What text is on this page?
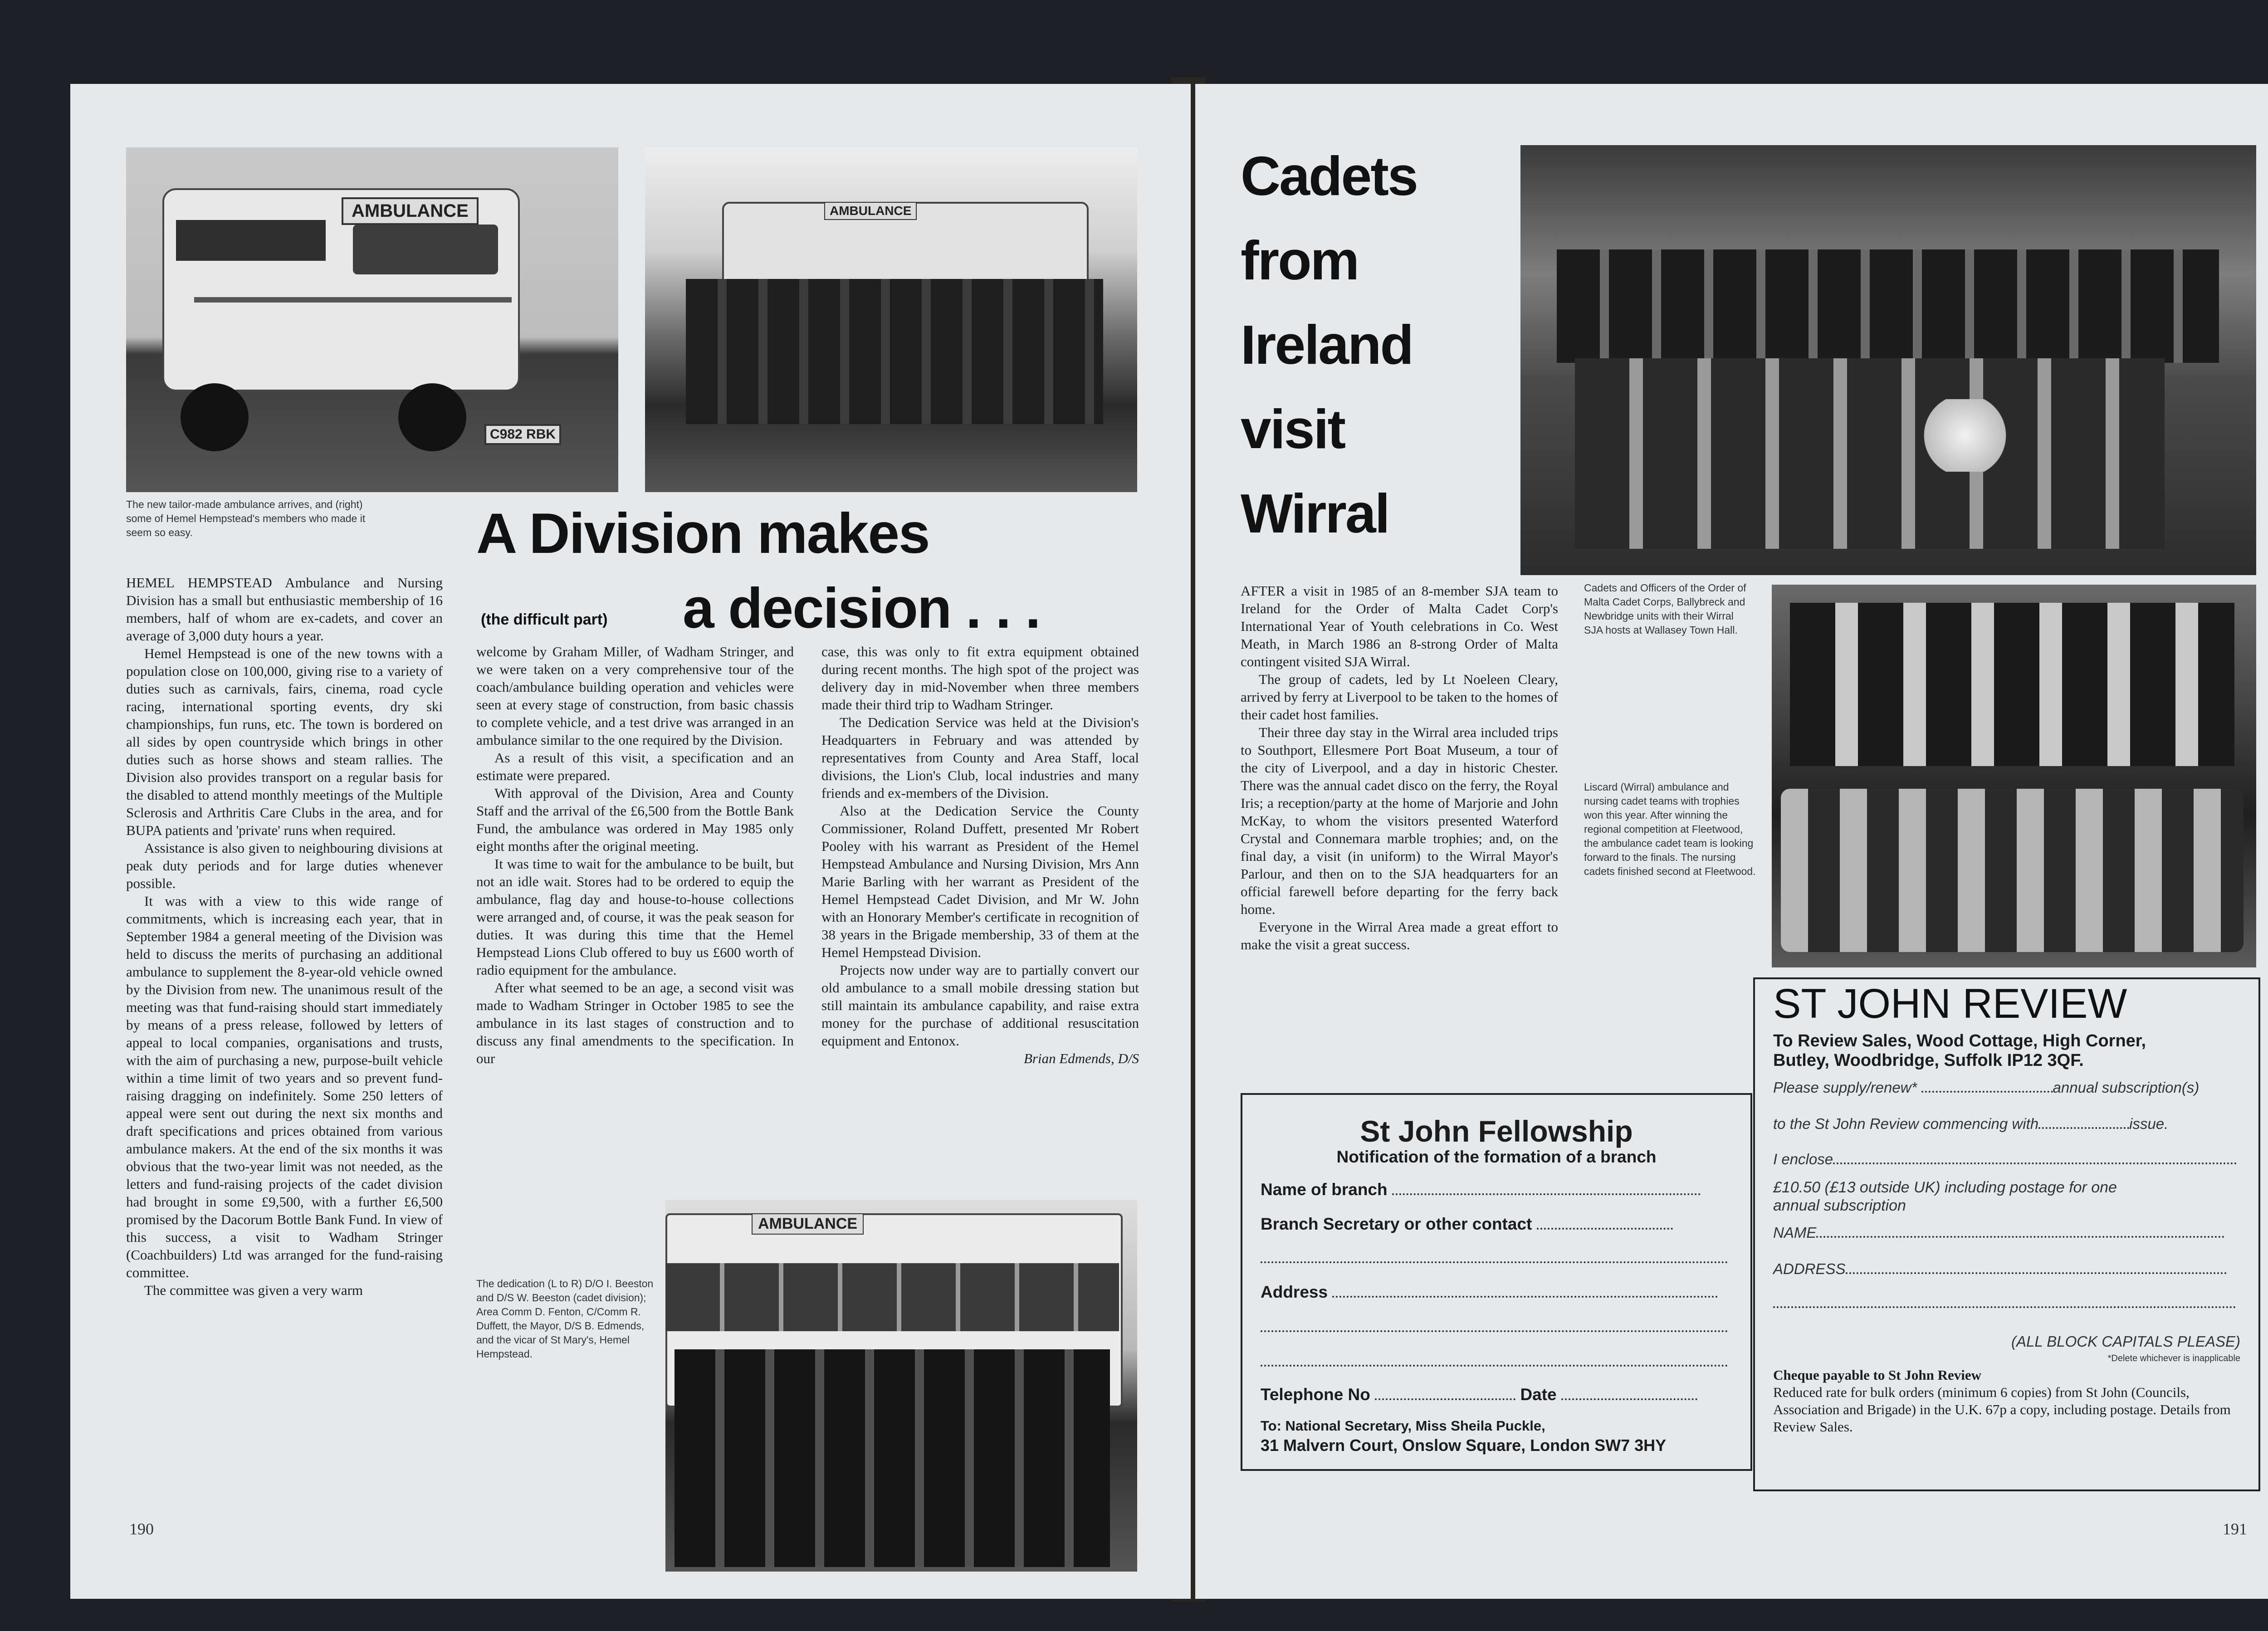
AMBULANCE
C982 RBK
AMBULANCE
The new tailor-made ambulance arrives, and (right) some of Hemel Hempstead's members who made it seem so easy.	A Division makes
(the difficult part) a decision . . .

HEMEL HEMPSTEAD Ambulance and Nursing Division has a small but enthusiastic membership of 16 members, half of whom are ex-cadets, and cover an average of 3,000 duty hours a year.

Hemel Hempstead is one of the new towns with a population close on 100,000, giving rise to a variety of duties such as carnivals, fairs, cinema, road cycle racing, international sporting events, dry ski championships, fun runs, etc. The town is bordered on all sides by open countryside which brings in other duties such as horse shows and steam rallies. The Division also provides transport on a regular basis for the disabled to attend monthly meetings of the Multiple Sclerosis and Arthritis Care Clubs in the area, and for BUPA patients and 'private' runs when required.

Assistance is also given to neighbouring divisions at peak duty periods and for large duties whenever possible.

It was with a view to this wide range of commitments, which is increasing each year, that in September 1984 a general meeting of the Division was held to discuss the merits of purchasing an additional ambulance to supplement the 8-year-old vehicle owned by the Division from new. The unanimous result of the meeting was that fund-raising should start immediately by means of a press release, followed by letters of appeal to local companies, organisations and trusts, with the aim of purchasing a new, purpose-built vehicle within a time limit of two years and so prevent fund-raising dragging on indefinitely. Some 250 letters of appeal were sent out during the next six months and draft specifications and prices obtained from various ambulance makers. At the end of the six months it was obvious that the two-year limit was not needed, as the letters and fund-raising projects of the cadet division had brought in some £9,500, with a further £6,500 promised by the Dacorum Bottle Bank Fund. In view of this success, a visit to Wadham Stringer (Coachbuilders) Ltd was arranged for the fund-raising committee.

The committee was given a very warm

welcome by Graham Miller, of Wadham Stringer, and we were taken on a very comprehensive tour of the coach/ambulance building operation and vehicles were seen at every stage of construction, from basic chassis to complete vehicle, and a test drive was arranged in an ambulance similar to the one required by the Division.

As a result of this visit, a specification and an estimate were prepared.

With approval of the Division, Area and County Staff and the arrival of the £6,500 from the Bottle Bank Fund, the ambulance was ordered in May 1985 only eight months after the original meeting.

It was time to wait for the ambulance to be built, but not an idle wait. Stores had to be ordered to equip the ambulance, flag day and house-to-house collections were arranged and, of course, it was the peak season for duties. It was during this time that the Hemel Hempstead Lions Club offered to buy us £600 worth of radio equipment for the ambulance.

After what seemed to be an age, a second visit was made to Wadham Stringer in October 1985 to see the ambulance in its last stages of construction and to discuss any final amendments to the specification. In our

case, this was only to fit extra equipment obtained during recent months. The high spot of the project was delivery day in mid-November when three members made their third trip to Wadham Stringer.

The Dedication Service was held at the Division's Headquarters in February and was attended by representatives from County and Area Staff, local divisions, the Lion's Club, local industries and many friends and ex-members of the Division.

Also at the Dedication Service the County Commissioner, Roland Duffett, presented Mr Robert Pooley with his warrant as President of the Hemel Hempstead Ambulance and Nursing Division, Mrs Ann Marie Barling with her warrant as President of the Hemel Hempstead Cadet Division, and Mr W. John with an Honorary Member's certificate in recognition of 38 years in the Brigade membership, 33 of them at the Hemel Hempstead Division.

Projects now under way are to partially convert our old ambulance to a small mobile dressing station but still maintain its ambulance capability, and raise extra money for the purchase of additional resuscitation equipment and Entonox.

Brian Edmends, D/S

The dedication (L to R) D/O I. Beeston and D/S W. Beeston (cadet division); Area Comm D. Fenton, C/Comm R. Duffett, the Mayor, D/S B. Edmends, and the vicar of St Mary's, Hemel Hempstead.
AMBULANCE
190
Cadets
from
Ireland
visit
Wirral
Cadets and Officers of the Order of Malta Cadet Corps, Ballybreck and Newbridge units with their Wirral SJA hosts at Wallasey Town Hall.
Liscard (Wirral) ambulance and nursing cadet teams with trophies won this year. After winning the regional competition at Fleetwood, the ambulance cadet team is looking forward to the finals. The nursing cadets finished second at Fleetwood.

AFTER a visit in 1985 of an 8-member SJA team to Ireland for the Order of Malta Cadet Corp's International Year of Youth celebrations in Co. West Meath, in March 1986 an 8-strong Order of Malta contingent visited SJA Wirral.

The group of cadets, led by Lt Noeleen Cleary, arrived by ferry at Liverpool to be taken to the homes of their cadet host families.

Their three day stay in the Wirral area included trips to Southport, Ellesmere Port Boat Museum, a tour of the city of Liverpool, and a day in historic Chester. There was the annual cadet disco on the ferry, the Royal Iris; a reception/party at the home of Marjorie and John McKay, to whom the visitors presented Waterford Crystal and Connemara marble trophies; and, on the final day, a visit (in uniform) to the Wirral Mayor's Parlour, and then on to the SJA headquarters for an official farewell before departing for the ferry back home.

Everyone in the Wirral Area made a great effort to make the visit a great success.

St John Fellowship
Notification of the formation of a branch
Name of branch
Branch Secretary or other contact
Address
Telephone No	Date
To: National Secretary, Miss Sheila Puckle,
31 Malvern Court, Onslow Square, London SW7 3HY
ST JOHN REVIEW
To Review Sales, Wood Cottage, High Corner,
Butley, Woodbridge, Suffolk IP12 3QF.
Please supply/renew*	annual subscription(s)
to the St John Review commencing with	issue.
I enclose
£10.50 (£13 outside UK) including postage for one
annual subscription
NAME
ADDRESS
(ALL BLOCK CAPITALS PLEASE)
*Delete whichever is inapplicable
Cheque payable to St John Review
Reduced rate for bulk orders (minimum 6 copies) from St John (Councils, Association and Brigade) in the U.K. 67p a copy, including postage. Details from Review Sales.
191
